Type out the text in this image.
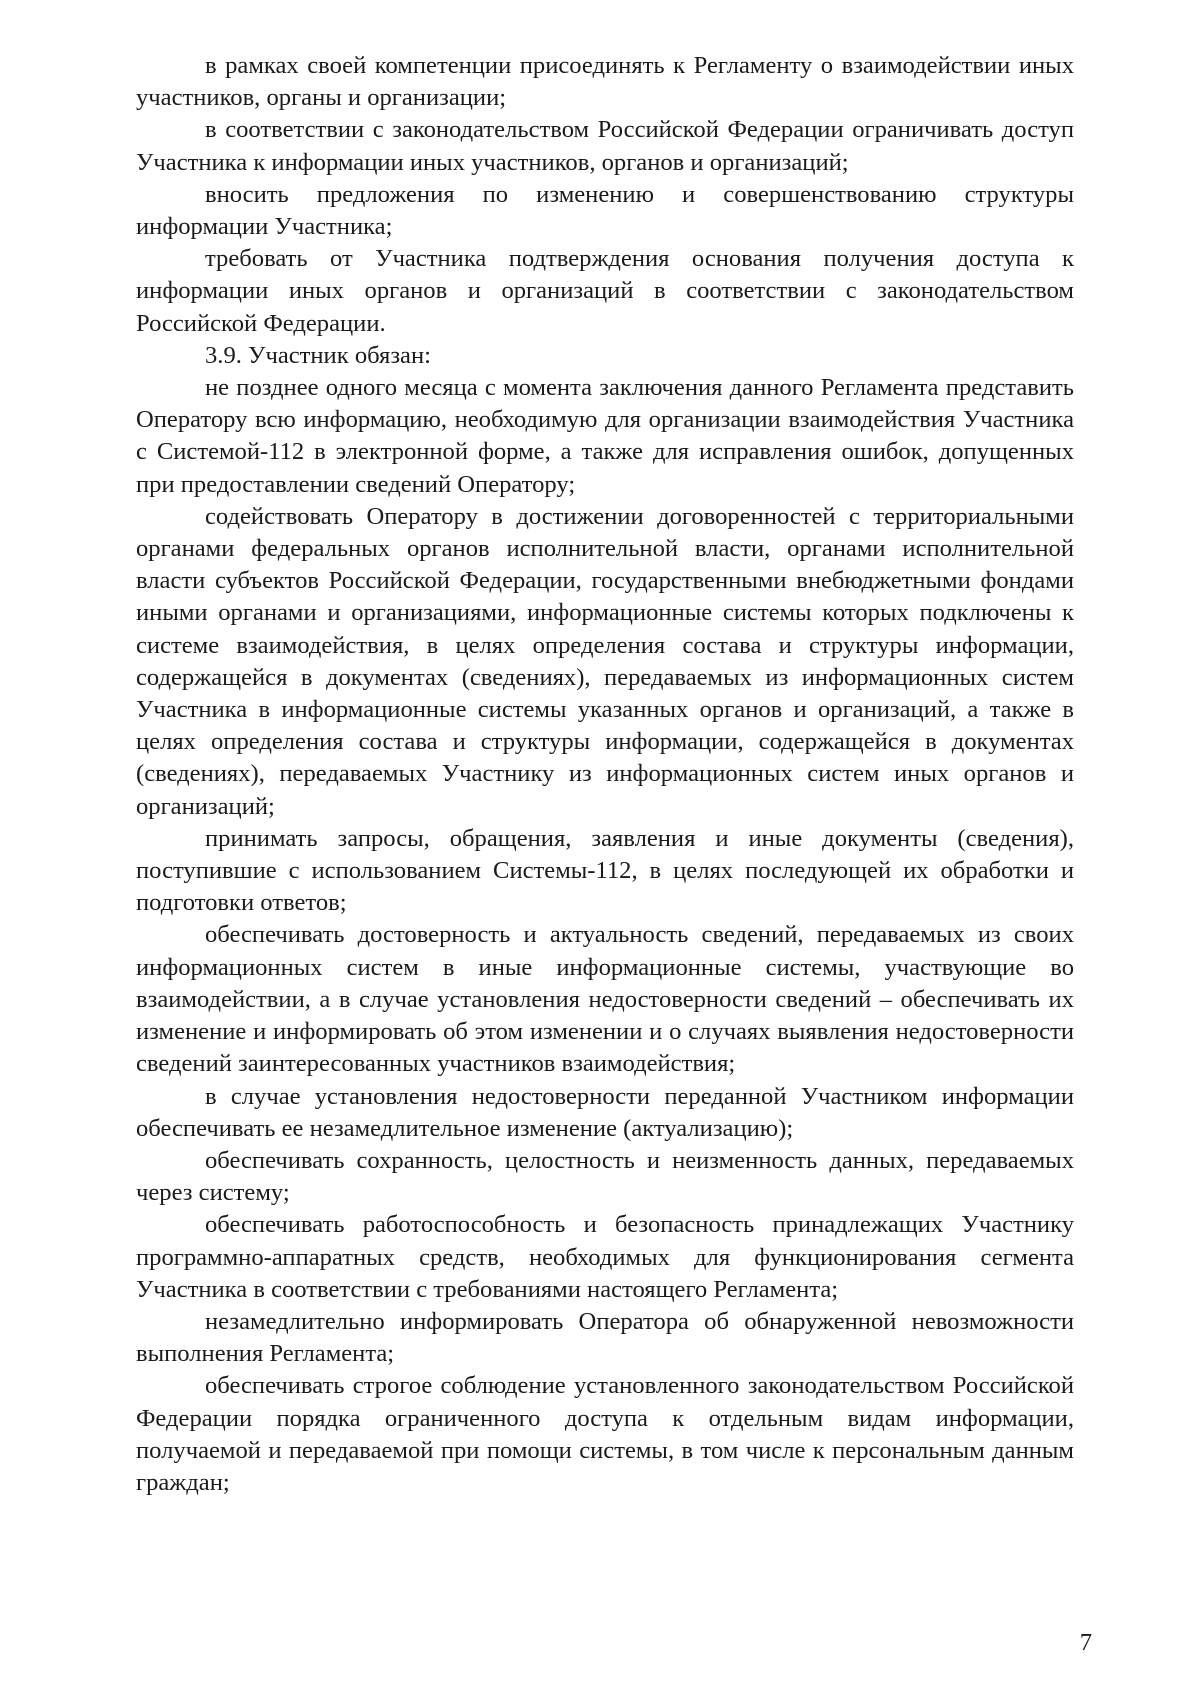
в рамках своей компетенции присоединять к Регламенту о взаимодействии иных участников, органы и организации;

в соответствии с законодательством Российской Федерации ограничивать доступ Участника к информации иных участников, органов и организаций;

вносить предложения по изменению и совершенствованию структуры информации Участника;

требовать от Участника подтверждения основания получения доступа к информации иных органов и организаций в соответствии с законодательством Российской Федерации.

3.9. Участник обязан:

не позднее одного месяца с момента заключения данного Регламента представить Оператору всю информацию, необходимую для организации взаимодействия Участника с Системой-112 в электронной форме, а также для исправления ошибок, допущенных при предоставлении сведений Оператору;

содействовать Оператору в достижении договоренностей с территориальными органами федеральных органов исполнительной власти, органами исполнительной власти субъектов Российской Федерации, государственными внебюджетными фондами иными органами и организациями, информационные системы которых подключены к системе взаимодействия, в целях определения состава и структуры информации, содержащейся в документах (сведениях), передаваемых из информационных систем Участника в информационные системы указанных органов и организаций, а также в целях определения состава и структуры информации, содержащейся в документах (сведениях), передаваемых Участнику из информационных систем иных органов и организаций;

принимать запросы, обращения, заявления и иные документы (сведения), поступившие с использованием Системы-112, в целях последующей их обработки и подготовки ответов;

обеспечивать достоверность и актуальность сведений, передаваемых из своих информационных систем в иные информационные системы, участвующие во взаимодействии, а в случае установления недостоверности сведений – обеспечивать их изменение и информировать об этом изменении и о случаях выявления недостоверности сведений заинтересованных участников взаимодействия;

в случае установления недостоверности переданной Участником информации обеспечивать ее незамедлительное изменение (актуализацию);

обеспечивать сохранность, целостность и неизменность данных, передаваемых через систему;

обеспечивать работоспособность и безопасность принадлежащих Участнику программно-аппаратных средств, необходимых для функционирования сегмента Участника в соответствии с требованиями настоящего Регламента;

незамедлительно информировать Оператора об обнаруженной невозможности выполнения Регламента;

обеспечивать строгое соблюдение установленного законодательством Российской Федерации порядка ограниченного доступа к отдельным видам информации, получаемой и передаваемой при помощи системы, в том числе к персональным данным граждан;

7
